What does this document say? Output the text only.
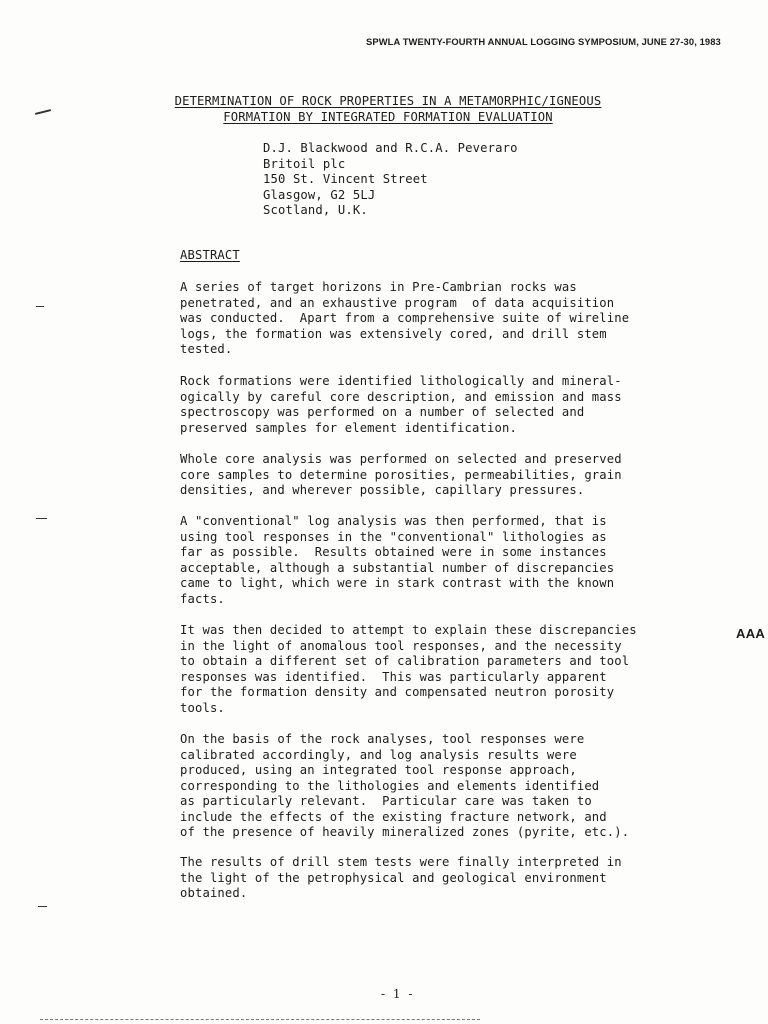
SPWLA TWENTY-FOURTH ANNUAL LOGGING SYMPOSIUM, JUNE 27-30, 1983
DETERMINATION OF ROCK PROPERTIES IN A METAMORPHIC/IGNEOUS
FORMATION BY INTEGRATED FORMATION EVALUATION
D.J. Blackwood and R.C.A. Peveraro
Britoil plc
150 St. Vincent Street
Glasgow, G2 5LJ
Scotland, U.K.
ABSTRACT
A series of target horizons in Pre-Cambrian rocks was
penetrated, and an exhaustive program  of data acquisition
was conducted.  Apart from a comprehensive suite of wireline
logs, the formation was extensively cored, and drill stem
tested.
Rock formations were identified lithologically and mineral-
ogically by careful core description, and emission and mass
spectroscopy was performed on a number of selected and
preserved samples for element identification.
Whole core analysis was performed on selected and preserved
core samples to determine porosities, permeabilities, grain
densities, and wherever possible, capillary pressures.
A "conventional" log analysis was then performed, that is
using tool responses in the "conventional" lithologies as
far as possible.  Results obtained were in some instances
acceptable, although a substantial number of discrepancies
came to light, which were in stark contrast with the known
facts.
It was then decided to attempt to explain these discrepancies
in the light of anomalous tool responses, and the necessity
to obtain a different set of calibration parameters and tool
responses was identified.  This was particularly apparent
for the formation density and compensated neutron porosity
tools.
On the basis of the rock analyses, tool responses were
calibrated accordingly, and log analysis results were
produced, using an integrated tool response approach,
corresponding to the lithologies and elements identified
as particularly relevant.  Particular care was taken to
include the effects of the existing fracture network, and
of the presence of heavily mineralized zones (pyrite, etc.).
The results of drill stem tests were finally interpreted in
the light of the petrophysical and geological environment
obtained.
AAA
- 1 -
